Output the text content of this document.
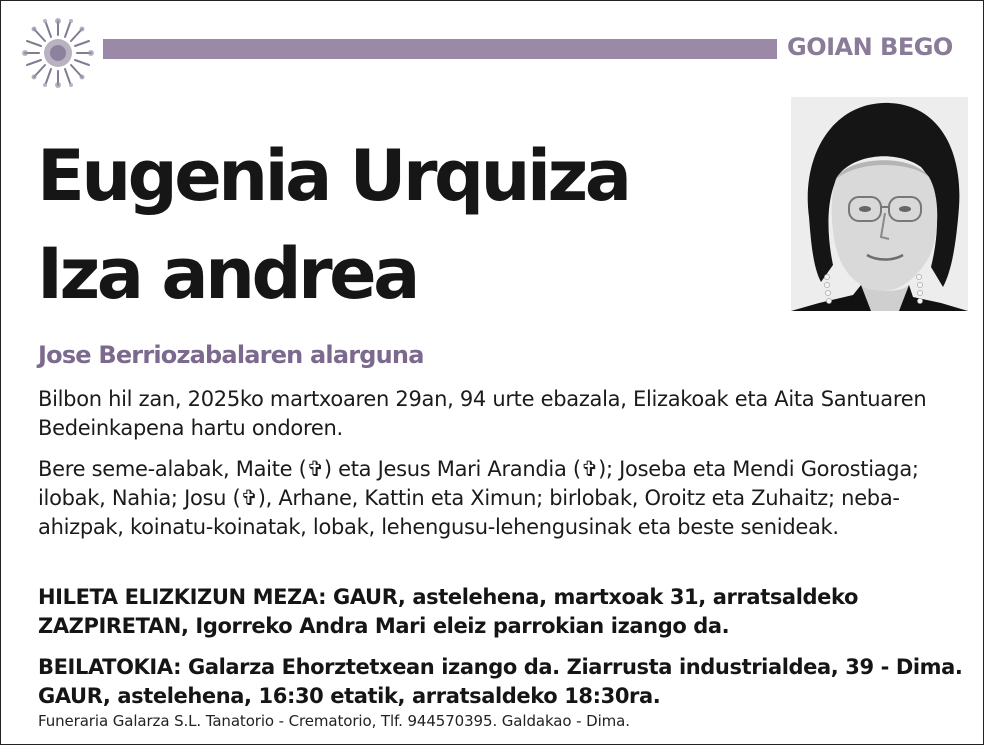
GOIAN BEGO
Eugenia Urquiza
Iza andrea
Jose Berriozabalaren alarguna
Bilbon hil zan, 2025ko martxoaren 29an, 94 urte ebazala, Elizakoak eta Aita Santuaren Bedeinkapena hartu ondoren.
Bere seme-alabak, Maite (✞) eta Jesus Mari Arandia (✞); Joseba eta Mendi Gorostiaga; ilobak, Nahia; Josu (✞), Arhane, Kattin eta Ximun; birlobak, Oroitz eta Zuhaitz; neba-ahizpak, koinatu-koinatak, lobak, lehengusu-lehengusinak eta beste senideak.
HILETA ELIZKIZUN MEZA: GAUR, astelehena, martxoak 31, arratsaldeko ZAZPIRETAN, Igorreko Andra Mari eleiz parrokian izango da.
BEILATOKIA: Galarza Ehorztetxean izango da. Ziarrusta industrialdea, 39 - Dima. GAUR, astelehena, 16:30 etatik, arratsaldeko 18:30ra.
Funeraria Galarza S.L. Tanatorio - Crematorio, Tlf. 944570395. Galdakao - Dima.
